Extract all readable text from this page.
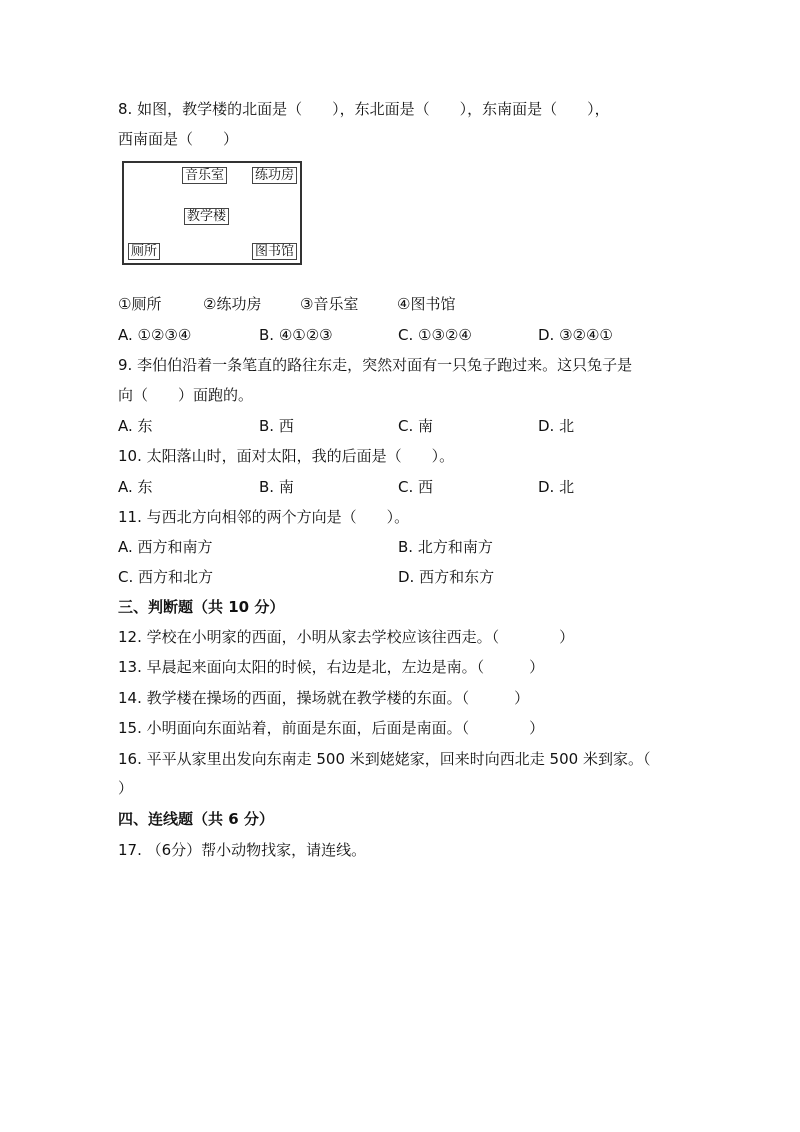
8. 如图，教学楼的北面是（　　），东北面是（　　），东南面是（　　），
西南面是（　　）
音乐室 练功房
教学楼
厕所	图书馆
①厕所	②练功房	③音乐室	④图书馆
A. ①②③④	B. ④①②③	C. ①③②④	D. ③②④①
9. 李伯伯沿着一条笔直的路往东走，突然对面有一只兔子跑过来。这只兔子是
向（　　）面跑的。
A. 东	B. 西	C. 南	D. 北
10. 太阳落山时，面对太阳，我的后面是（　　）。
A. 东	B. 南	C. 西	D. 北
11. 与西北方向相邻的两个方向是（　　）。
A. 西方和南方	B. 北方和南方
C. 西方和北方	D. 西方和东方
三、判断题（共 10 分）
12. 学校在小明家的西面，小明从家去学校应该往西走。（　　　　）
13. 早晨起来面向太阳的时候，右边是北，左边是南。（　　　）
14. 教学楼在操场的西面，操场就在教学楼的东面。（　　　）
15. 小明面向东面站着，前面是东面，后面是南面。（　　　　）
16. 平平从家里出发向东南走 500 米到姥姥家，回来时向西北走 500 米到家。（
）
四、连线题（共 6 分）
17. （6分）帮小动物找家，请连线。
